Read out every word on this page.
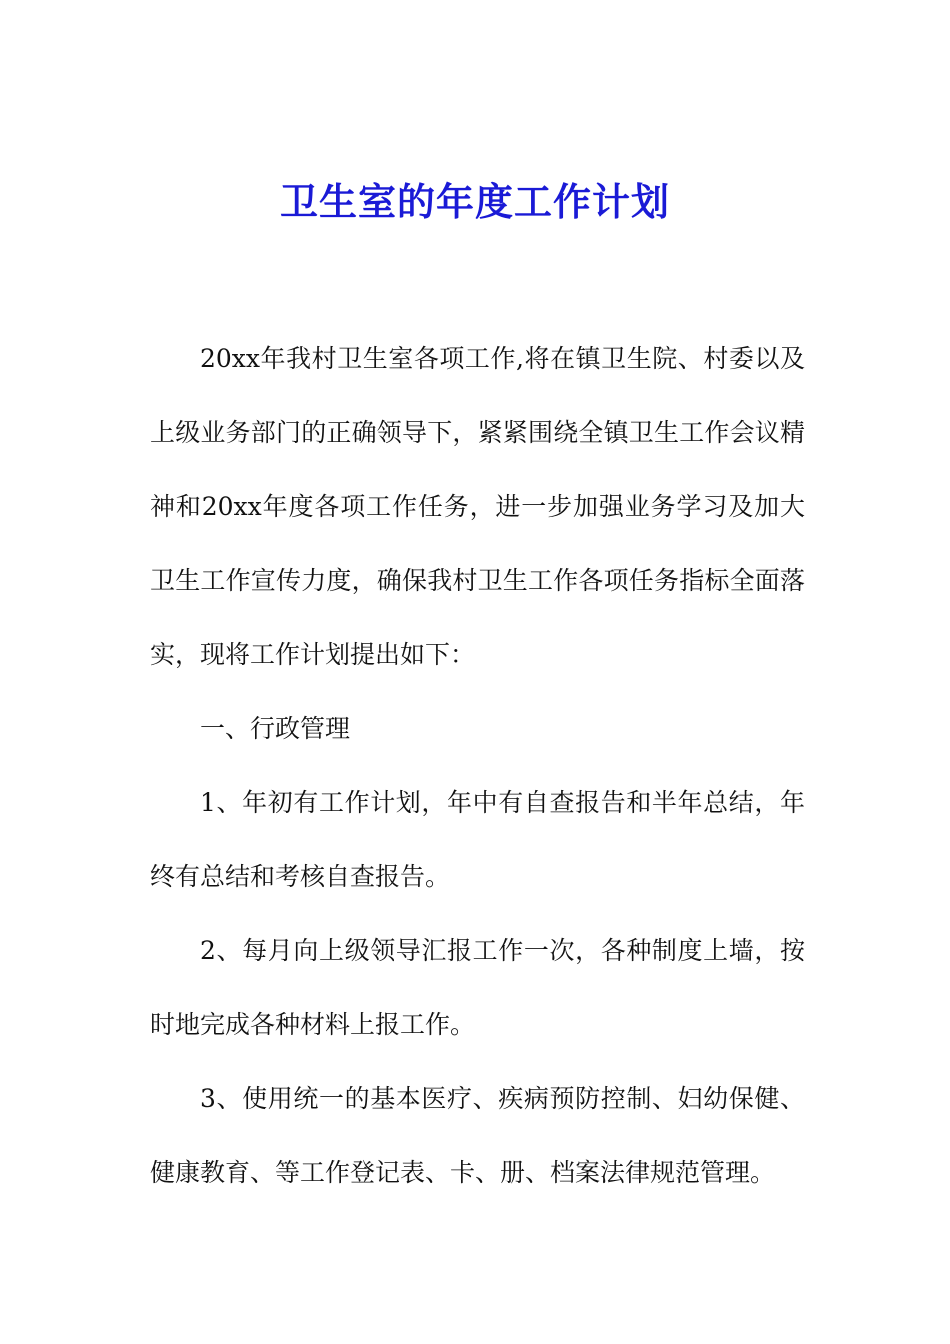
卫生室的年度工作计划

20xx年我村卫生室各项工作,将在镇卫生院、村委以及上级业务部门的正确领导下，紧紧围绕全镇卫生工作会议精神和20xx年度各项工作任务，进一步加强业务学习及加大卫生工作宣传力度，确保我村卫生工作各项任务指标全面落实，现将工作计划提出如下：

一、行政管理

1、年初有工作计划，年中有自查报告和半年总结，年终有总结和考核自查报告。

2、每月向上级领导汇报工作一次，各种制度上墙，按时地完成各种材料上报工作。

3、使用统一的基本医疗、疾病预防控制、妇幼保健、健康教育、等工作登记表、卡、册、档案法律规范管理。
